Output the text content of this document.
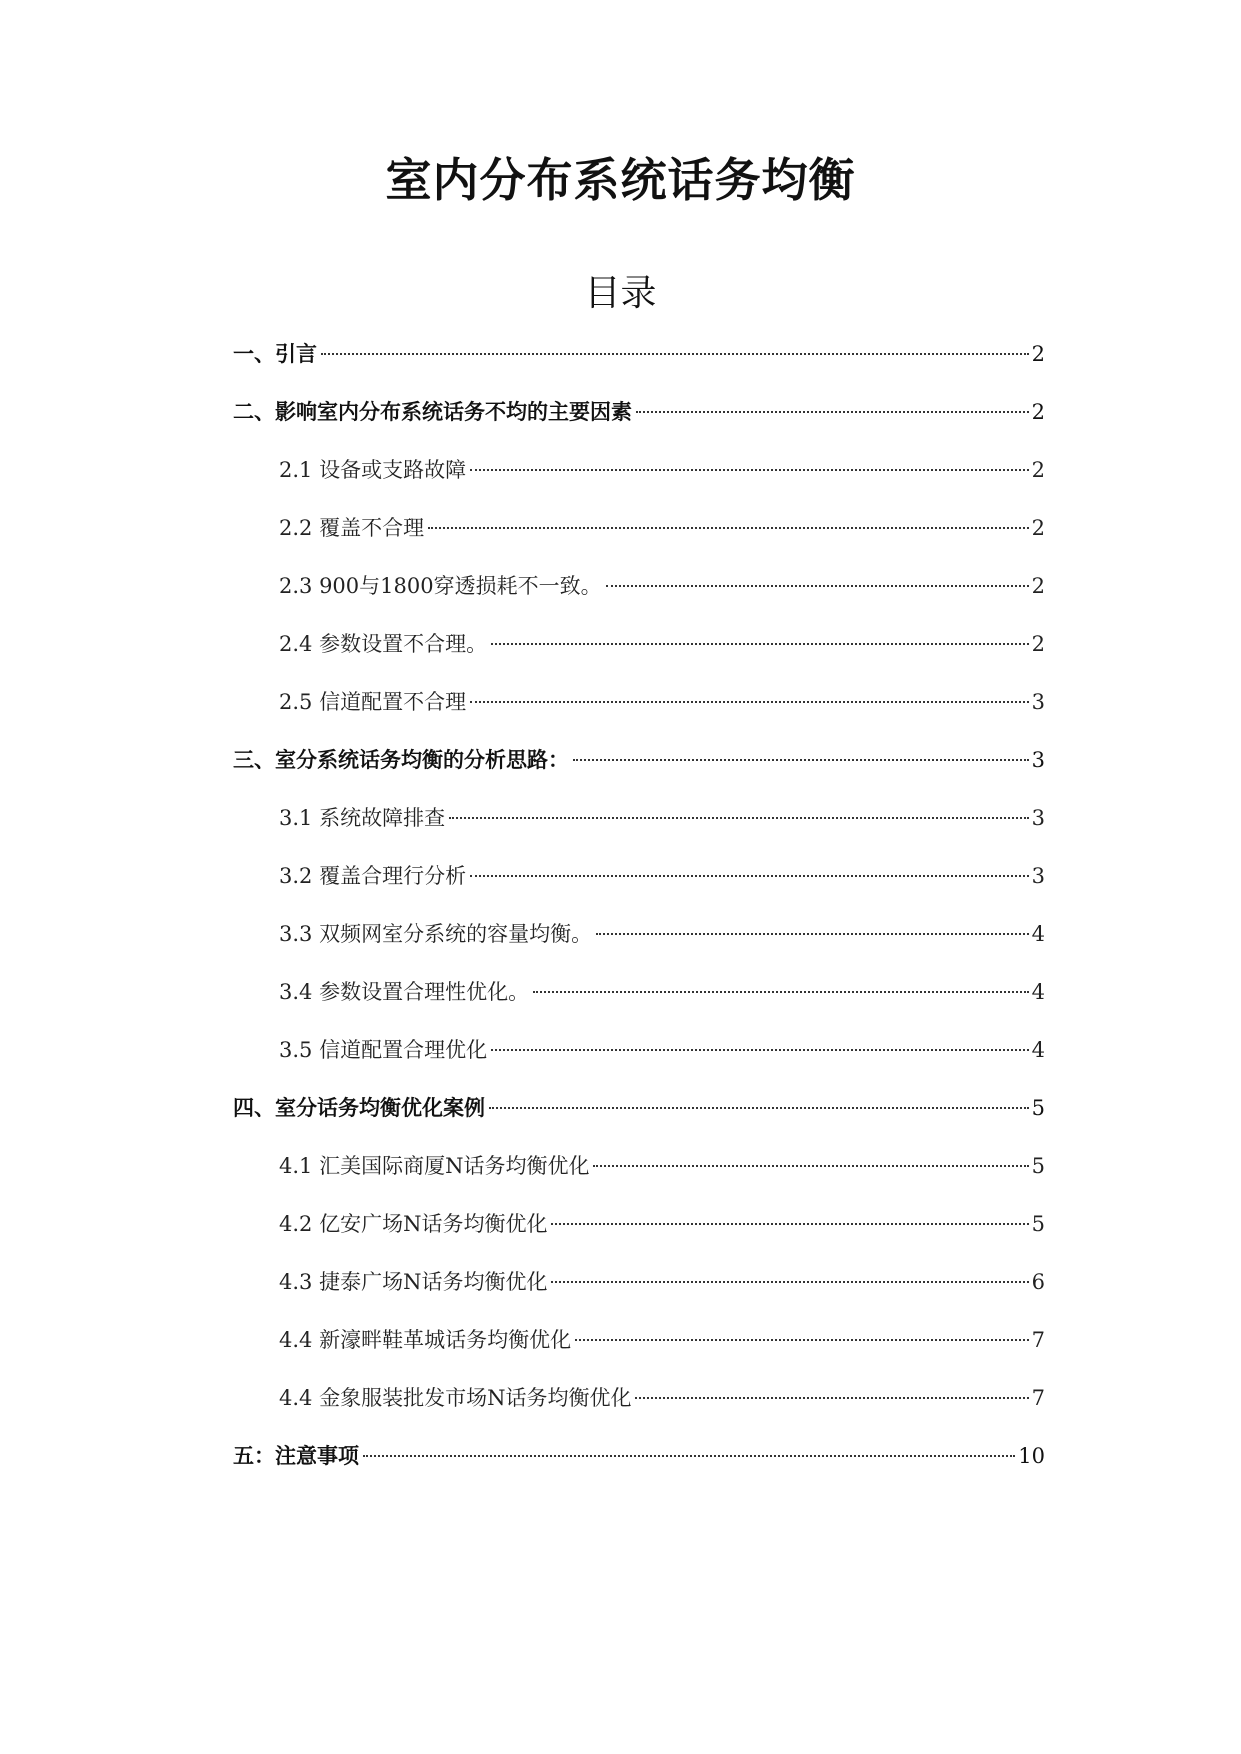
室内分布系统话务均衡
目录
一、引言	2
二、影响室内分布系统话务不均的主要因素	2
2.1 设备或支路故障	2
2.2 覆盖不合理	2
2.3 900与1800穿透损耗不一致。	2
2.4 参数设置不合理。	2
2.5 信道配置不合理	3
三、室分系统话务均衡的分析思路：	3
3.1 系统故障排查	3
3.2 覆盖合理行分析	3
3.3 双频网室分系统的容量均衡。	4
3.4 参数设置合理性优化。	4
3.5 信道配置合理优化	4
四、室分话务均衡优化案例	5
4.1 汇美国际商厦N话务均衡优化	5
4.2 亿安广场N话务均衡优化	5
4.3 捷泰广场N话务均衡优化	6
4.4 新濠畔鞋革城话务均衡优化	7
4.4 金象服装批发市场N话务均衡优化	7
五：注意事项	10
